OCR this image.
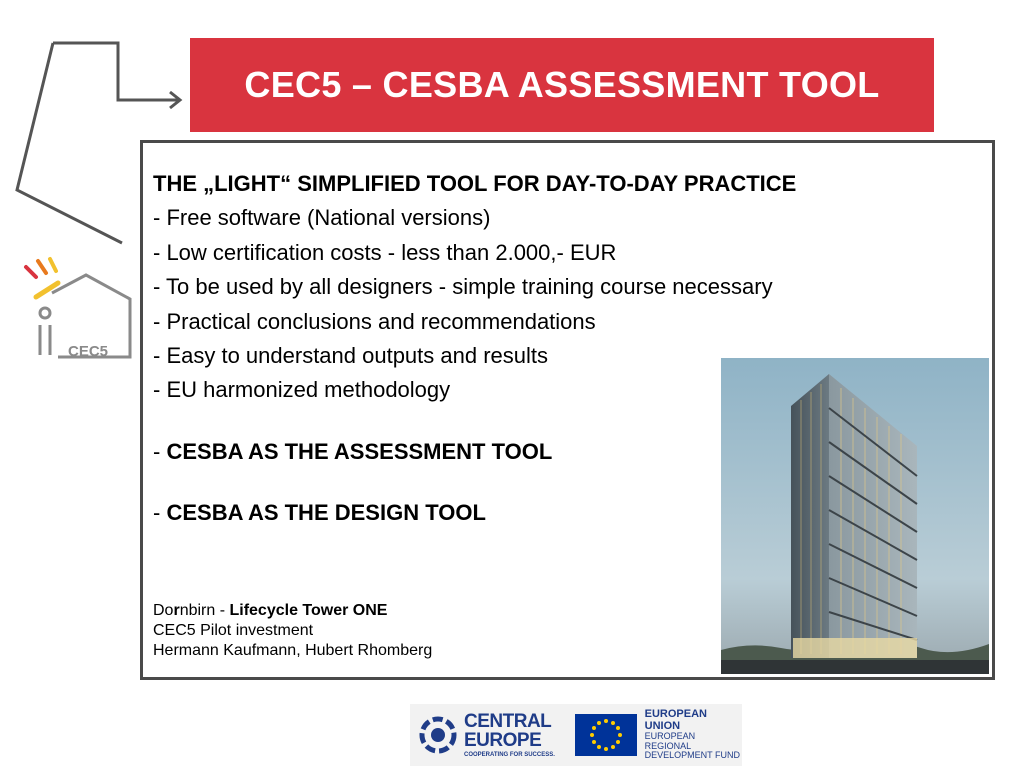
CEC5 – CESBA ASSESSMENT TOOL
CEC5
THE „LIGHT“ SIMPLIFIED TOOL FOR DAY-TO-DAY PRACTICE
- Free software (National versions)
- Low certification costs - less than 2.000,- EUR
- To be used by all designers - simple training course necessary
- Practical conclusions and recommendations
- Easy to understand outputs and results
- EU harmonized methodology
- CESBA AS THE ASSESSMENT TOOL
- CESBA AS THE DESIGN TOOL
Dornbirn - Lifecycle Tower ONE
CEC5 Pilot investment
Hermann Kaufmann, Hubert Rhomberg
CENTRAL
EUROPE
COOPERATING FOR SUCCESS.
EUROPEAN UNION
EUROPEAN REGIONAL
DEVELOPMENT FUND
